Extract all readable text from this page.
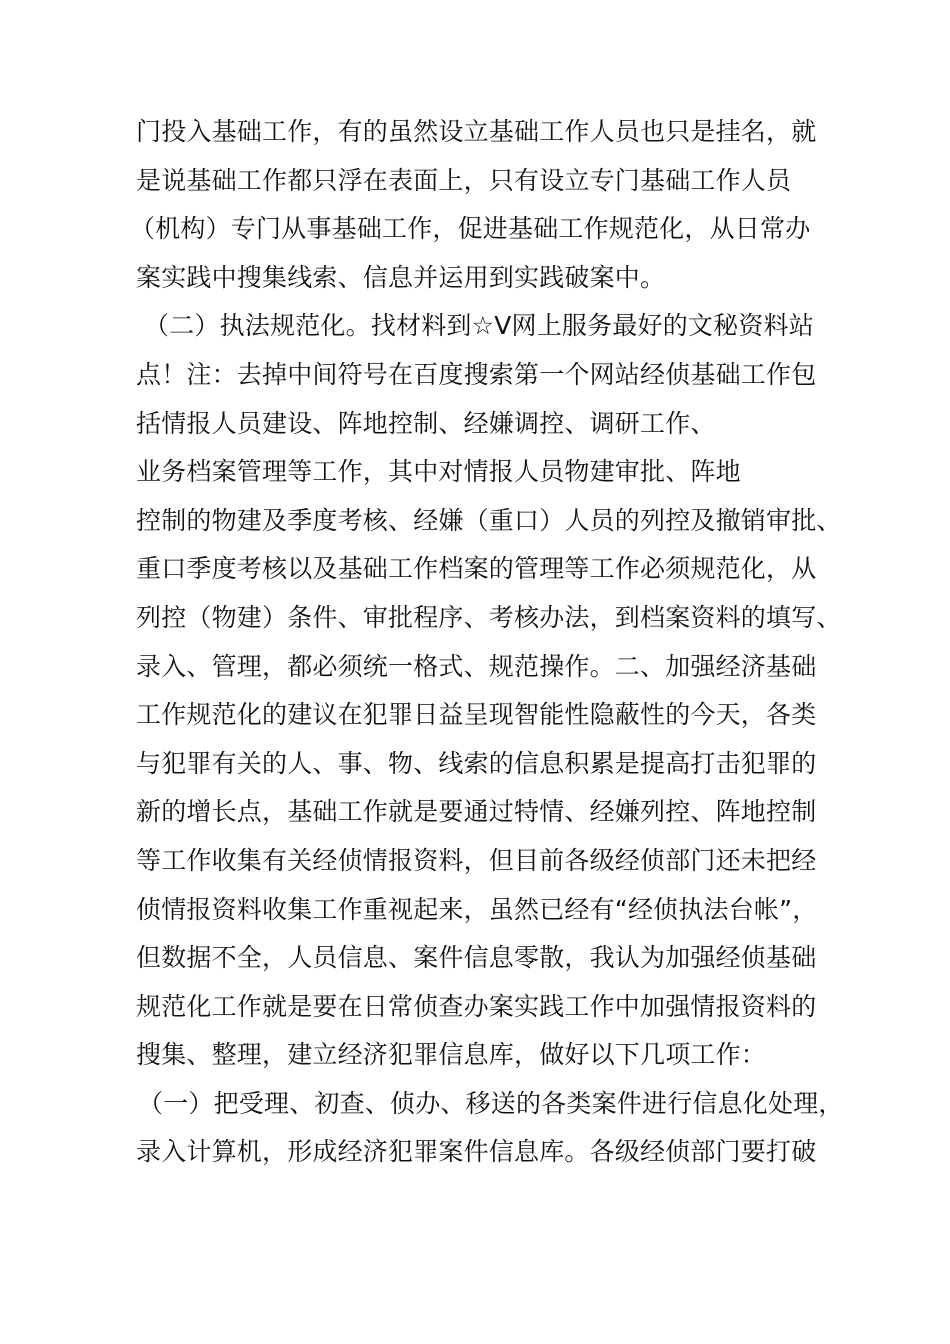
门投入基础工作，有的虽然设立基础工作人员也只是挂名，就
是说基础工作都只浮在表面上，只有设立专门基础工作人员
（机构）专门从事基础工作，促进基础工作规范化，从日常办
案实践中搜集线索、信息并运用到实践破案中。
（二）执法规范化。找材料到☆Ⅴ网上服务最好的文秘资料站
点！注：去掉中间符号在百度搜索第一个网站经侦基础工作包
括情报人员建设、阵地控制、经嫌调控、调研工作、
业务档案管理等工作，其中对情报人员物建审批、阵地
控制的物建及季度考核、经嫌（重口）人员的列控及撤销审批、
重口季度考核以及基础工作档案的管理等工作必须规范化，从
列控（物建）条件、审批程序、考核办法，到档案资料的填写、
录入、管理，都必须统一格式、规范操作。二、加强经济基础
工作规范化的建议在犯罪日益呈现智能性隐蔽性的今天，各类
与犯罪有关的人、事、物、线索的信息积累是提高打击犯罪的
新的增长点，基础工作就是要通过特情、经嫌列控、阵地控制
等工作收集有关经侦情报资料，但目前各级经侦部门还未把经
侦情报资料收集工作重视起来，虽然已经有“经侦执法台帐”，
但数据不全，人员信息、案件信息零散，我认为加强经侦基础
规范化工作就是要在日常侦查办案实践工作中加强情报资料的
搜集、整理，建立经济犯罪信息库，做好以下几项工作：
（一）把受理、初查、侦办、移送的各类案件进行信息化处理，
录入计算机，形成经济犯罪案件信息库。各级经侦部门要打破
